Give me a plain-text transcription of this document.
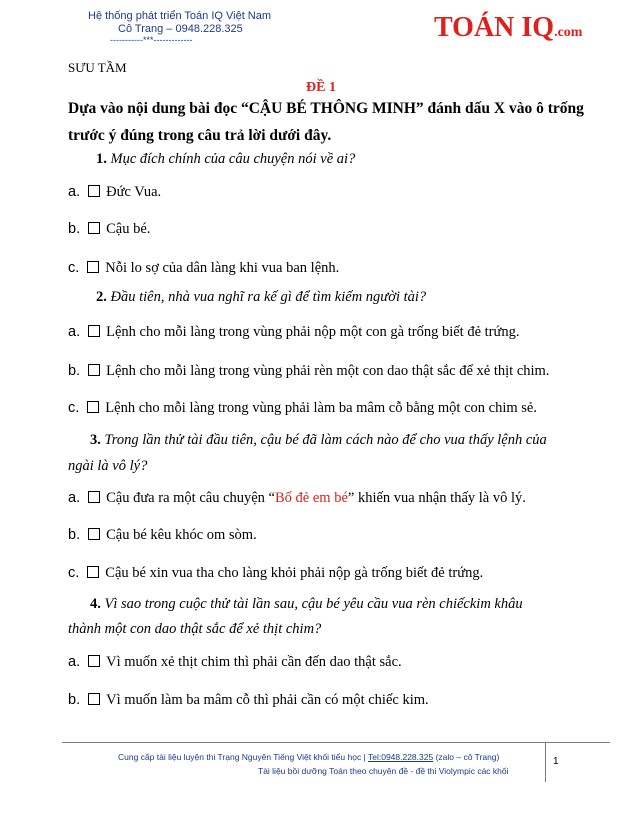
Hệ thống phát triển Toán IQ Việt Nam
Cô Trang – 0948.228.325
-----------***-------------	TOÁN IQ.com
SƯU TẦM
ĐỀ 1
Dựa vào nội dung bài đọc “CẬU BÉ THÔNG MINH” đánh dấu X vào ô trống
trước ý đúng trong câu trả lời dưới đây.
1. Mục đích chính của câu chuyện nói về ai?
a. Đức Vua.
b. Cậu bé.
c. Nỗi lo sợ của dân làng khi vua ban lệnh.
2. Đầu tiên, nhà vua nghĩ ra kế gì để tìm kiếm người tài?
a. Lệnh cho mỗi làng trong vùng phải nộp một con gà trống biết đẻ trứng.
b. Lệnh cho mỗi làng trong vùng phải rèn một con dao thật sắc để xẻ thịt chim.
c. Lệnh cho mỗi làng trong vùng phải làm ba mâm cỗ bằng một con chim sẻ.
3. Trong lần thử tài đầu tiên, cậu bé đã làm cách nào để cho vua thấy lệnh của
ngài là vô lý?
a. Cậu đưa ra một câu chuyện “Bố đẻ em bé” khiến vua nhận thấy là vô lý.
b. Cậu bé kêu khóc om sòm.
c. Cậu bé xin vua tha cho làng khỏi phải nộp gà trống biết đẻ trứng.
4. Vì sao trong cuộc thử tài lần sau, cậu bé yêu cầu vua rèn chiếckim khâu
thành một con dao thật sắc để xẻ thịt chim?
a. Vì muốn xẻ thịt chim thì phải cần đến dao thật sắc.
b. Vì muốn làm ba mâm cỗ thì phải cần có một chiếc kim.
Cung cấp tài liệu luyện thi Trạng Nguyên Tiếng Việt khối tiểu học | Tel:0948.228.325 (zalo – cô Trang)
Tài liệu bồi dưỡng Toán theo chuyên đề - đề thi Violympic các khối
1
